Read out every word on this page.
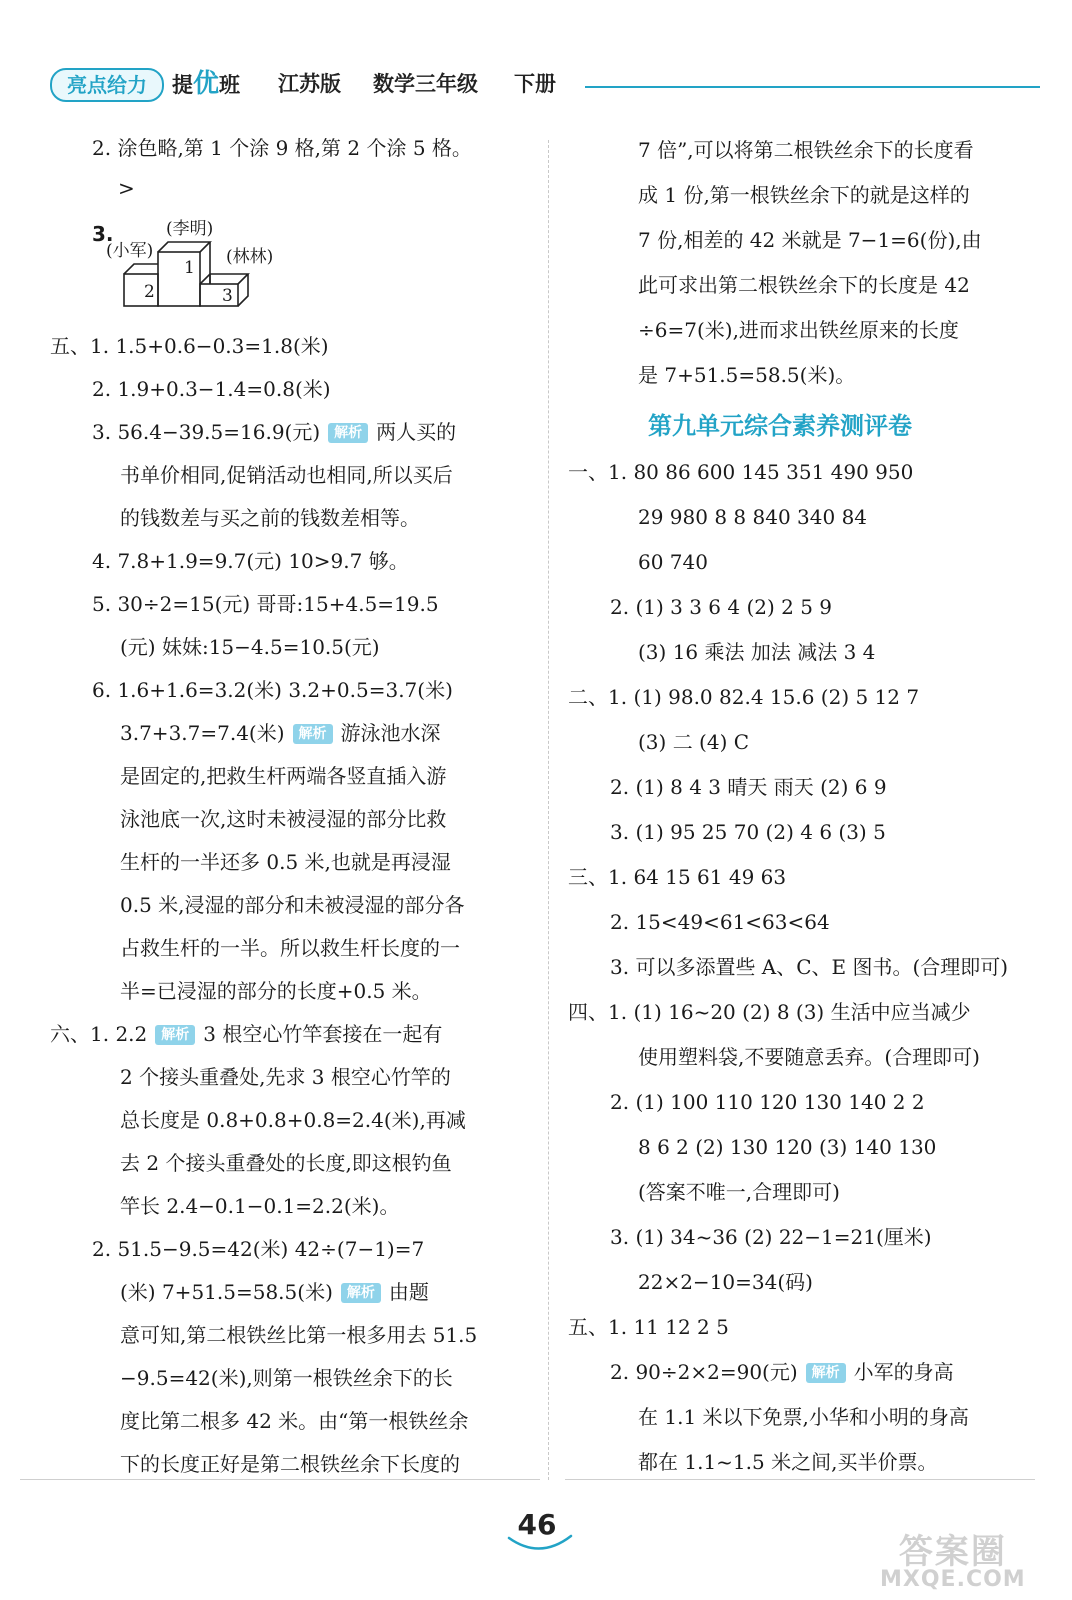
亮点给力	提优班 江苏版 数学三年级 下册
2. 涂色略,第 1 个涂 9 格,第 2 个涂 5 格。
>
3.	(李明)
(小军)	(林林)
1
2	3
五、1. 1.5+0.6−0.3=1.8(米)
2. 1.9+0.3−1.4=0.8(米)
3. 56.4−39.5=16.9(元) 解析 两人买的
书单价相同,促销活动也相同,所以买后
的钱数差与买之前的钱数差相等。
4. 7.8+1.9=9.7(元) 10>9.7 够。
5. 30÷2=15(元) 哥哥:15+4.5=19.5
(元) 妹妹:15−4.5=10.5(元)
6. 1.6+1.6=3.2(米) 3.2+0.5=3.7(米)
3.7+3.7=7.4(米) 解析 游泳池水深
是固定的,把救生杆两端各竖直插入游
泳池底一次,这时未被浸湿的部分比救
生杆的一半还多 0.5 米,也就是再浸湿
0.5 米,浸湿的部分和未被浸湿的部分各
占救生杆的一半。所以救生杆长度的一
半=已浸湿的部分的长度+0.5 米。
六、1. 2.2 解析 3 根空心竹竿套接在一起有
2 个接头重叠处,先求 3 根空心竹竿的
总长度是 0.8+0.8+0.8=2.4(米),再减
去 2 个接头重叠处的长度,即这根钓鱼
竿长 2.4−0.1−0.1=2.2(米)。
2. 51.5−9.5=42(米) 42÷(7−1)=7
(米) 7+51.5=58.5(米) 解析 由题
意可知,第二根铁丝比第一根多用去 51.5
−9.5=42(米),则第一根铁丝余下的长
度比第二根多 42 米。由“第一根铁丝余
下的长度正好是第二根铁丝余下长度的
7 倍”,可以将第二根铁丝余下的长度看
成 1 份,第一根铁丝余下的就是这样的
7 份,相差的 42 米就是 7−1=6(份),由
此可求出第二根铁丝余下的长度是 42
÷6=7(米),进而求出铁丝原来的长度
是 7+51.5=58.5(米)。
第九单元综合素养测评卷
一、1. 80 86 600 145 351 490 950
29 980 8 8 840 340 84
60 740
2. (1) 3 3 6 4 (2) 2 5 9
(3) 16 乘法 加法 减法 3 4
二、1. (1) 98.0 82.4 15.6 (2) 5 12 7
(3) 二 (4) C
2. (1) 8 4 3 晴天 雨天 (2) 6 9
3. (1) 95 25 70 (2) 4 6 (3) 5
三、1. 64 15 61 49 63
2. 15<49<61<63<64
3. 可以多添置些 A、C、E 图书。(合理即可)
四、1. (1) 16~20 (2) 8 (3) 生活中应当减少
使用塑料袋,不要随意丢弃。(合理即可)
2. (1) 100 110 120 130 140 2 2
8 6 2 (2) 130 120 (3) 140 130
(答案不唯一,合理即可)
3. (1) 34~36 (2) 22−1=21(厘米)
22×2−10=34(码)
五、1. 11 12 2 5
2. 90÷2×2=90(元) 解析 小军的身高
在 1.1 米以下免票,小华和小明的身高
都在 1.1~1.5 米之间,买半价票。
46
答案圈
MXQE.COM
